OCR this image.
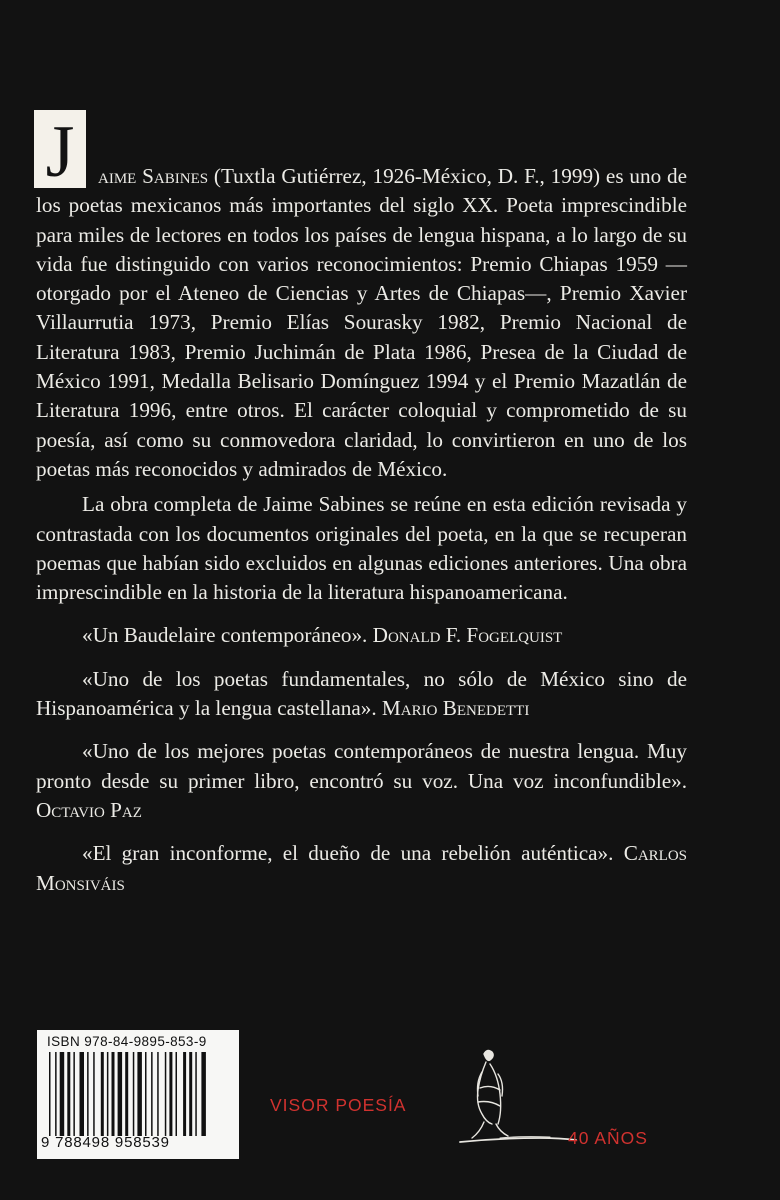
J	aime Sabines (Tuxtla Gutiérrez, 1926-México, D. F., 1999) es uno de los poetas mexicanos más importantes del siglo XX. Poeta imprescindible para miles de lectores en todos los países de lengua hispana, a lo largo de su vida fue distinguido con varios reconocimientos: Premio Chiapas 1959 —otorgado por el Ateneo de Ciencias y Artes de Chiapas—, Premio Xavier Villaurrutia 1973, Premio Elías Sourasky 1982, Premio Nacional de Literatura 1983, Premio Juchimán de Plata 1986, Presea de la Ciudad de México 1991, Medalla Belisario Domínguez 1994 y el Premio Mazatlán de Literatura 1996, entre otros. El carácter coloquial y comprometido de su poesía, así como su conmovedora claridad, lo convirtieron en uno de los poetas más reconocidos y admirados de México.

La obra completa de Jaime Sabines se reúne en esta edición revisada y contrastada con los documentos originales del poeta, en la que se recuperan poemas que habían sido excluidos en algunas ediciones anteriores. Una obra imprescindible en la historia de la literatura hispanoamericana.

«Un Baudelaire contemporáneo». Donald F. Fogelquist

«Uno de los poetas fundamentales, no sólo de México sino de Hispanoamérica y la lengua castellana». Mario Benedetti

«Uno de los mejores poetas contemporáneos de nuestra lengua. Muy pronto desde su primer libro, encontró su voz. Una voz inconfundible». Octavio Paz

«El gran inconforme, el dueño de una rebelión auténtica». Carlos Monsiváis

ISBN 978-84-9895-853-9
9 788498 958539
VISOR POESÍA
40 AÑOS
